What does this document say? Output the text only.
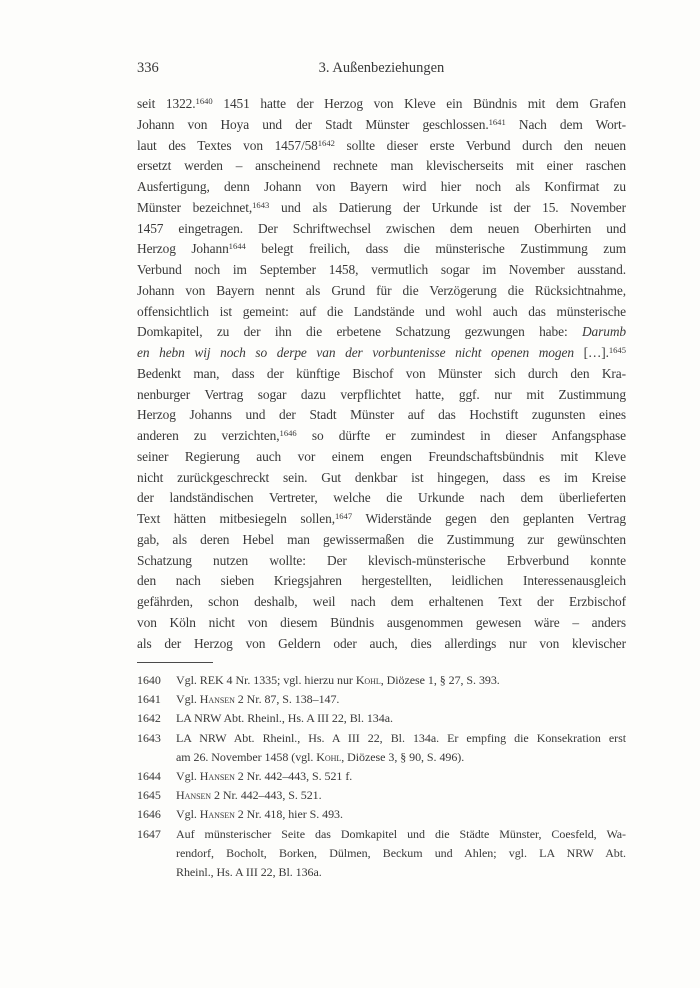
336	3. Außenbeziehungen
seit 1322.$^{1640}$ 1451 hatte der Herzog von Kleve ein Bündnis mit dem Grafen
Johann von Hoya und der Stadt Münster geschlossen.$^{1641}$ Nach dem Wort-
laut des Textes von $1457/58^{1642}$ sollte dieser erste Verbund durch den neuen
ersetzt werden – anscheinend rechnete man klevischerseits mit einer raschen
Ausfertigung, denn Johann von Bayern wird hier noch als Konfirmat zu
Münster bezeichnet,$^{1643}$ und als Datierung der Urkunde ist der 15. November
1457 eingetragen. Der Schriftwechsel zwischen dem neuen Oberhirten und
Herzog Johann$^{1644}$ belegt freilich, dass die münsterische Zustimmung zum
Verbund noch im September 1458, vermutlich sogar im November ausstand.
Johann von Bayern nennt als Grund für die Verzögerung die Rücksichtnahme,
offensichtlich ist gemeint: auf die Landstände und wohl auch das münsterische
Domkapitel, zu der ihn die erbetene Schatzung gezwungen habe: Darumb
en hebn wij noch so derpe van der vorbuntenisse nicht openen mogen […].$^{1645}$
Bedenkt man, dass der künftige Bischof von Münster sich durch den Kra-
nenburger Vertrag sogar dazu verpflichtet hatte, ggf. nur mit Zustimmung
Herzog Johanns und der Stadt Münster auf das Hochstift zugunsten eines
anderen zu verzichten,$^{1646}$ so dürfte er zumindest in dieser Anfangsphase
seiner Regierung auch vor einem engen Freundschaftsbündnis mit Kleve
nicht zurückgeschreckt sein. Gut denkbar ist hingegen, dass es im Kreise
der landständischen Vertreter, welche die Urkunde nach dem überlieferten
Text hätten mitbesiegeln sollen,$^{1647}$ Widerstände gegen den geplanten Vertrag
gab, als deren Hebel man gewissermaßen die Zustimmung zur gewünschten
Schatzung nutzen wollte: Der klevisch-münsterische Erbverbund konnte
den nach sieben Kriegsjahren hergestellten, leidlichen Interessenausgleich
gefährden, schon deshalb, weil nach dem erhaltenen Text der Erzbischof
von Köln nicht von diesem Bündnis ausgenommen gewesen wäre – anders
als der Herzog von Geldern oder auch, dies allerdings nur von klevischer
1640	Vgl. REK 4 Nr. 1335; vgl. hierzu nur Kohl, Diözese 1, § 27, S. 393.
1641	Vgl. Hansen 2 Nr. 87, S. 138–147.
1642	LA NRW Abt. Rheinl., Hs. A III 22, Bl. 134a.
1643	LA NRW Abt. Rheinl., Hs. A III 22, Bl. 134a. Er empfing die Konsekration erst
am 26. November 1458 (vgl. Kohl, Diözese 3, § 90, S. 496).
1644	Vgl. Hansen 2 Nr. 442–443, S. 521 f.
1645	Hansen 2 Nr. 442–443, S. 521.
1646	Vgl. Hansen 2 Nr. 418, hier S. 493.
1647	Auf münsterischer Seite das Domkapitel und die Städte Münster, Coesfeld, Wa-
rendorf, Bocholt, Borken, Dülmen, Beckum und Ahlen; vgl. LA NRW Abt.
Rheinl., Hs. A III 22, Bl. 136a.
